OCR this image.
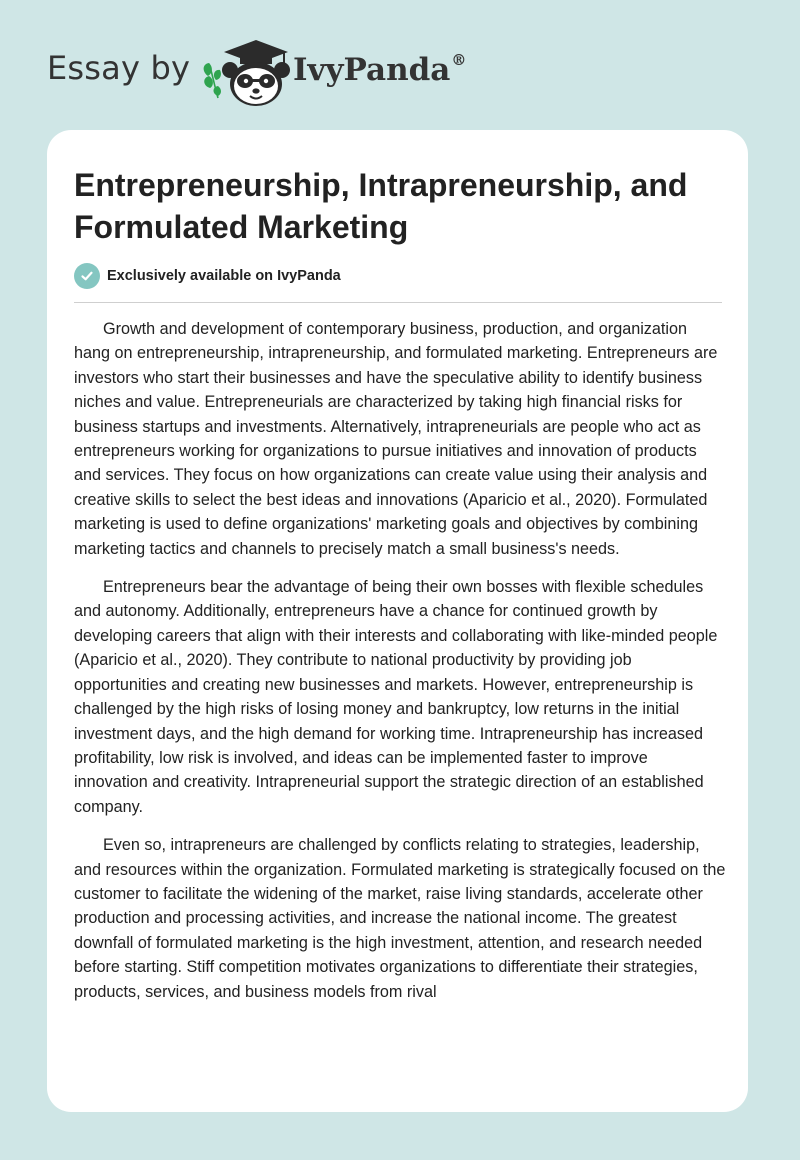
Essay by	IvyPanda®
Entrepreneurship, Intrapreneurship, and Formulated Marketing
Exclusively available on IvyPanda

Growth and development of contemporary business, production, and organization hang on entrepreneurship, intrapreneurship, and formulated marketing. Entrepreneurs are investors who start their businesses and have the speculative ability to identify business niches and value. Entrepreneurials are characterized by taking high financial risks for business startups and investments. Alternatively, intrapreneurials are people who act as entrepreneurs working for organizations to pursue initiatives and innovation of products and services. They focus on how organizations can create value using their analysis and creative skills to select the best ideas and innovations (Aparicio et al., 2020). Formulated marketing is used to define organizations' marketing goals and objectives by combining marketing tactics and channels to precisely match a small business's needs.

Entrepreneurs bear the advantage of being their own bosses with flexible schedules and autonomy. Additionally, entrepreneurs have a chance for continued growth by developing careers that align with their interests and collaborating with like-minded people (Aparicio et al., 2020). They contribute to national productivity by providing job opportunities and creating new businesses and markets. However, entrepreneurship is challenged by the high risks of losing money and bankruptcy, low returns in the initial investment days, and the high demand for working time. Intrapreneurship has increased profitability, low risk is involved, and ideas can be implemented faster to improve innovation and creativity. Intrapreneurial support the strategic direction of an established company.

Even so, intrapreneurs are challenged by conflicts relating to strategies, leadership, and resources within the organization. Formulated marketing is strategically focused on the customer to facilitate the widening of the market, raise living standards, accelerate other production and processing activities, and increase the national income. The greatest downfall of formulated marketing is the high investment, attention, and research needed before starting. Stiff competition motivates organizations to differentiate their strategies, products, services, and business models from rival
